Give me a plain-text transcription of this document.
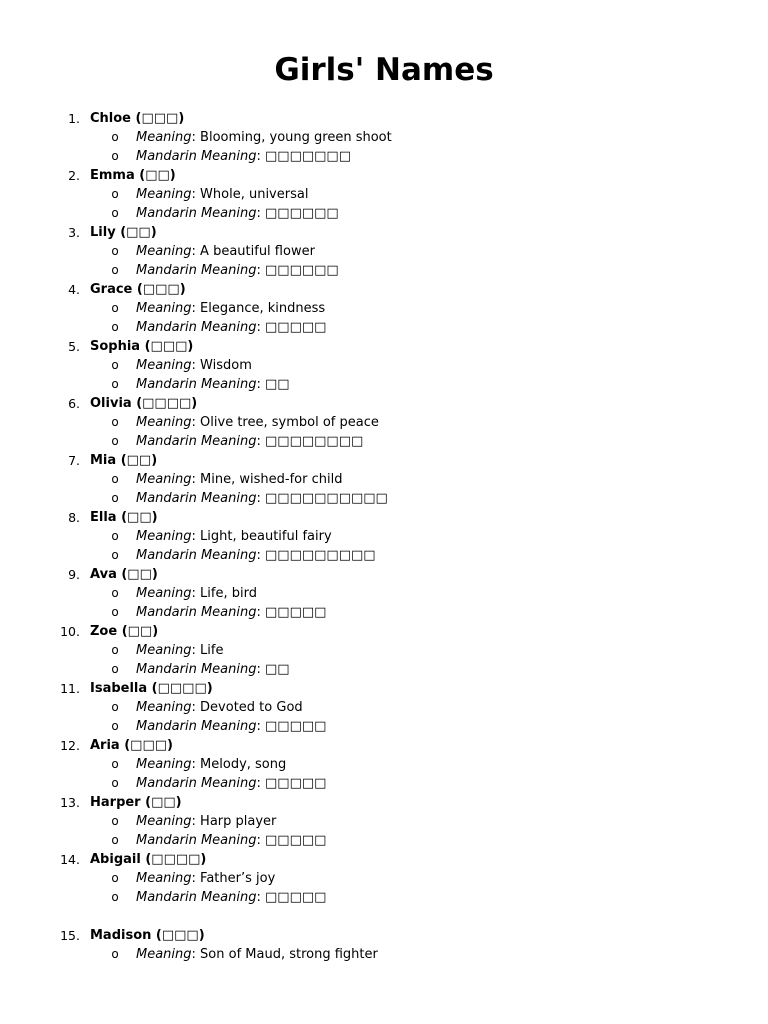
Girls' Names
1. Chloe (□□□)
o Meaning: Blooming, young green shoot
o Mandarin Meaning: □□□□□□□
2. Emma (□□)
o Meaning: Whole, universal
o Mandarin Meaning: □□□□□□
3. Lily (□□)
o Meaning: A beautiful flower
o Mandarin Meaning: □□□□□□
4. Grace (□□□)
o Meaning: Elegance, kindness
o Mandarin Meaning: □□□□□
5. Sophia (□□□)
o Meaning: Wisdom
o Mandarin Meaning: □□
6. Olivia (□□□□)
o Meaning: Olive tree, symbol of peace
o Mandarin Meaning: □□□□□□□□
7. Mia (□□)
o Meaning: Mine, wished-for child
o Mandarin Meaning: □□□□□□□□□□
8. Ella (□□)
o Meaning: Light, beautiful fairy
o Mandarin Meaning: □□□□□□□□□
9. Ava (□□)
o Meaning: Life, bird
o Mandarin Meaning: □□□□□
10. Zoe (□□)
o Meaning: Life
o Mandarin Meaning: □□
11. Isabella (□□□□)
o Meaning: Devoted to God
o Mandarin Meaning: □□□□□
12. Aria (□□□)
o Meaning: Melody, song
o Mandarin Meaning: □□□□□
13. Harper (□□)
o Meaning: Harp player
o Mandarin Meaning: □□□□□
14. Abigail (□□□□)
o Meaning: Father’s joy
o Mandarin Meaning: □□□□□
15. Madison (□□□)
o Meaning: Son of Maud, strong fighter
